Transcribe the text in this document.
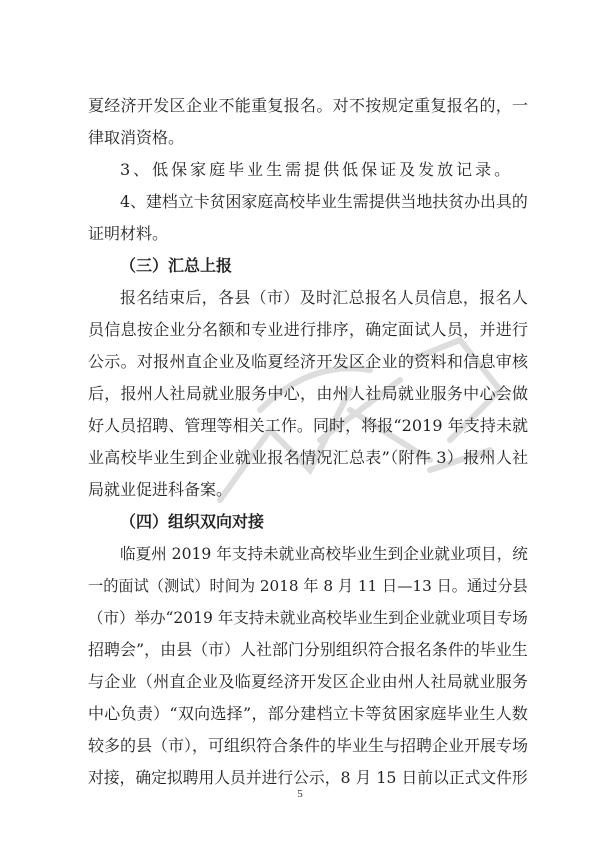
夏经济开发区企业不能重复报名。对不按规定重复报名的，一
律取消资格。
3、低保家庭毕业生需提供低保证及发放记录。
4、建档立卡贫困家庭高校毕业生需提供当地扶贫办出具的
证明材料。
（三）汇总上报
报名结束后，各县（市）及时汇总报名人员信息，报名人
员信息按企业分名额和专业进行排序，确定面试人员，并进行
公示。对报州直企业及临夏经济开发区企业的资料和信息审核
后，报州人社局就业服务中心，由州人社局就业服务中心会做
好人员招聘、管理等相关工作。同时，将报“2019 年支持未就
业高校毕业生到企业就业报名情况汇总表”（附件 3）报州人社
局就业促进科备案。
（四）组织双向对接
临夏州 2019 年支持未就业高校毕业生到企业就业项目，统
一的面试（测试）时间为 2018 年 8 月 11 日—13 日。通过分县
（市）举办“2019 年支持未就业高校毕业生到企业就业项目专场
招聘会”，由县（市）人社部门分别组织符合报名条件的毕业生
与企业（州直企业及临夏经济开发区企业由州人社局就业服务
中心负责）“双向选择”，部分建档立卡等贫困家庭毕业生人数
较多的县（市），可组织符合条件的毕业生与招聘企业开展专场
对接，确定拟聘用人员并进行公示，8 月 15 日前以正式文件形
5
